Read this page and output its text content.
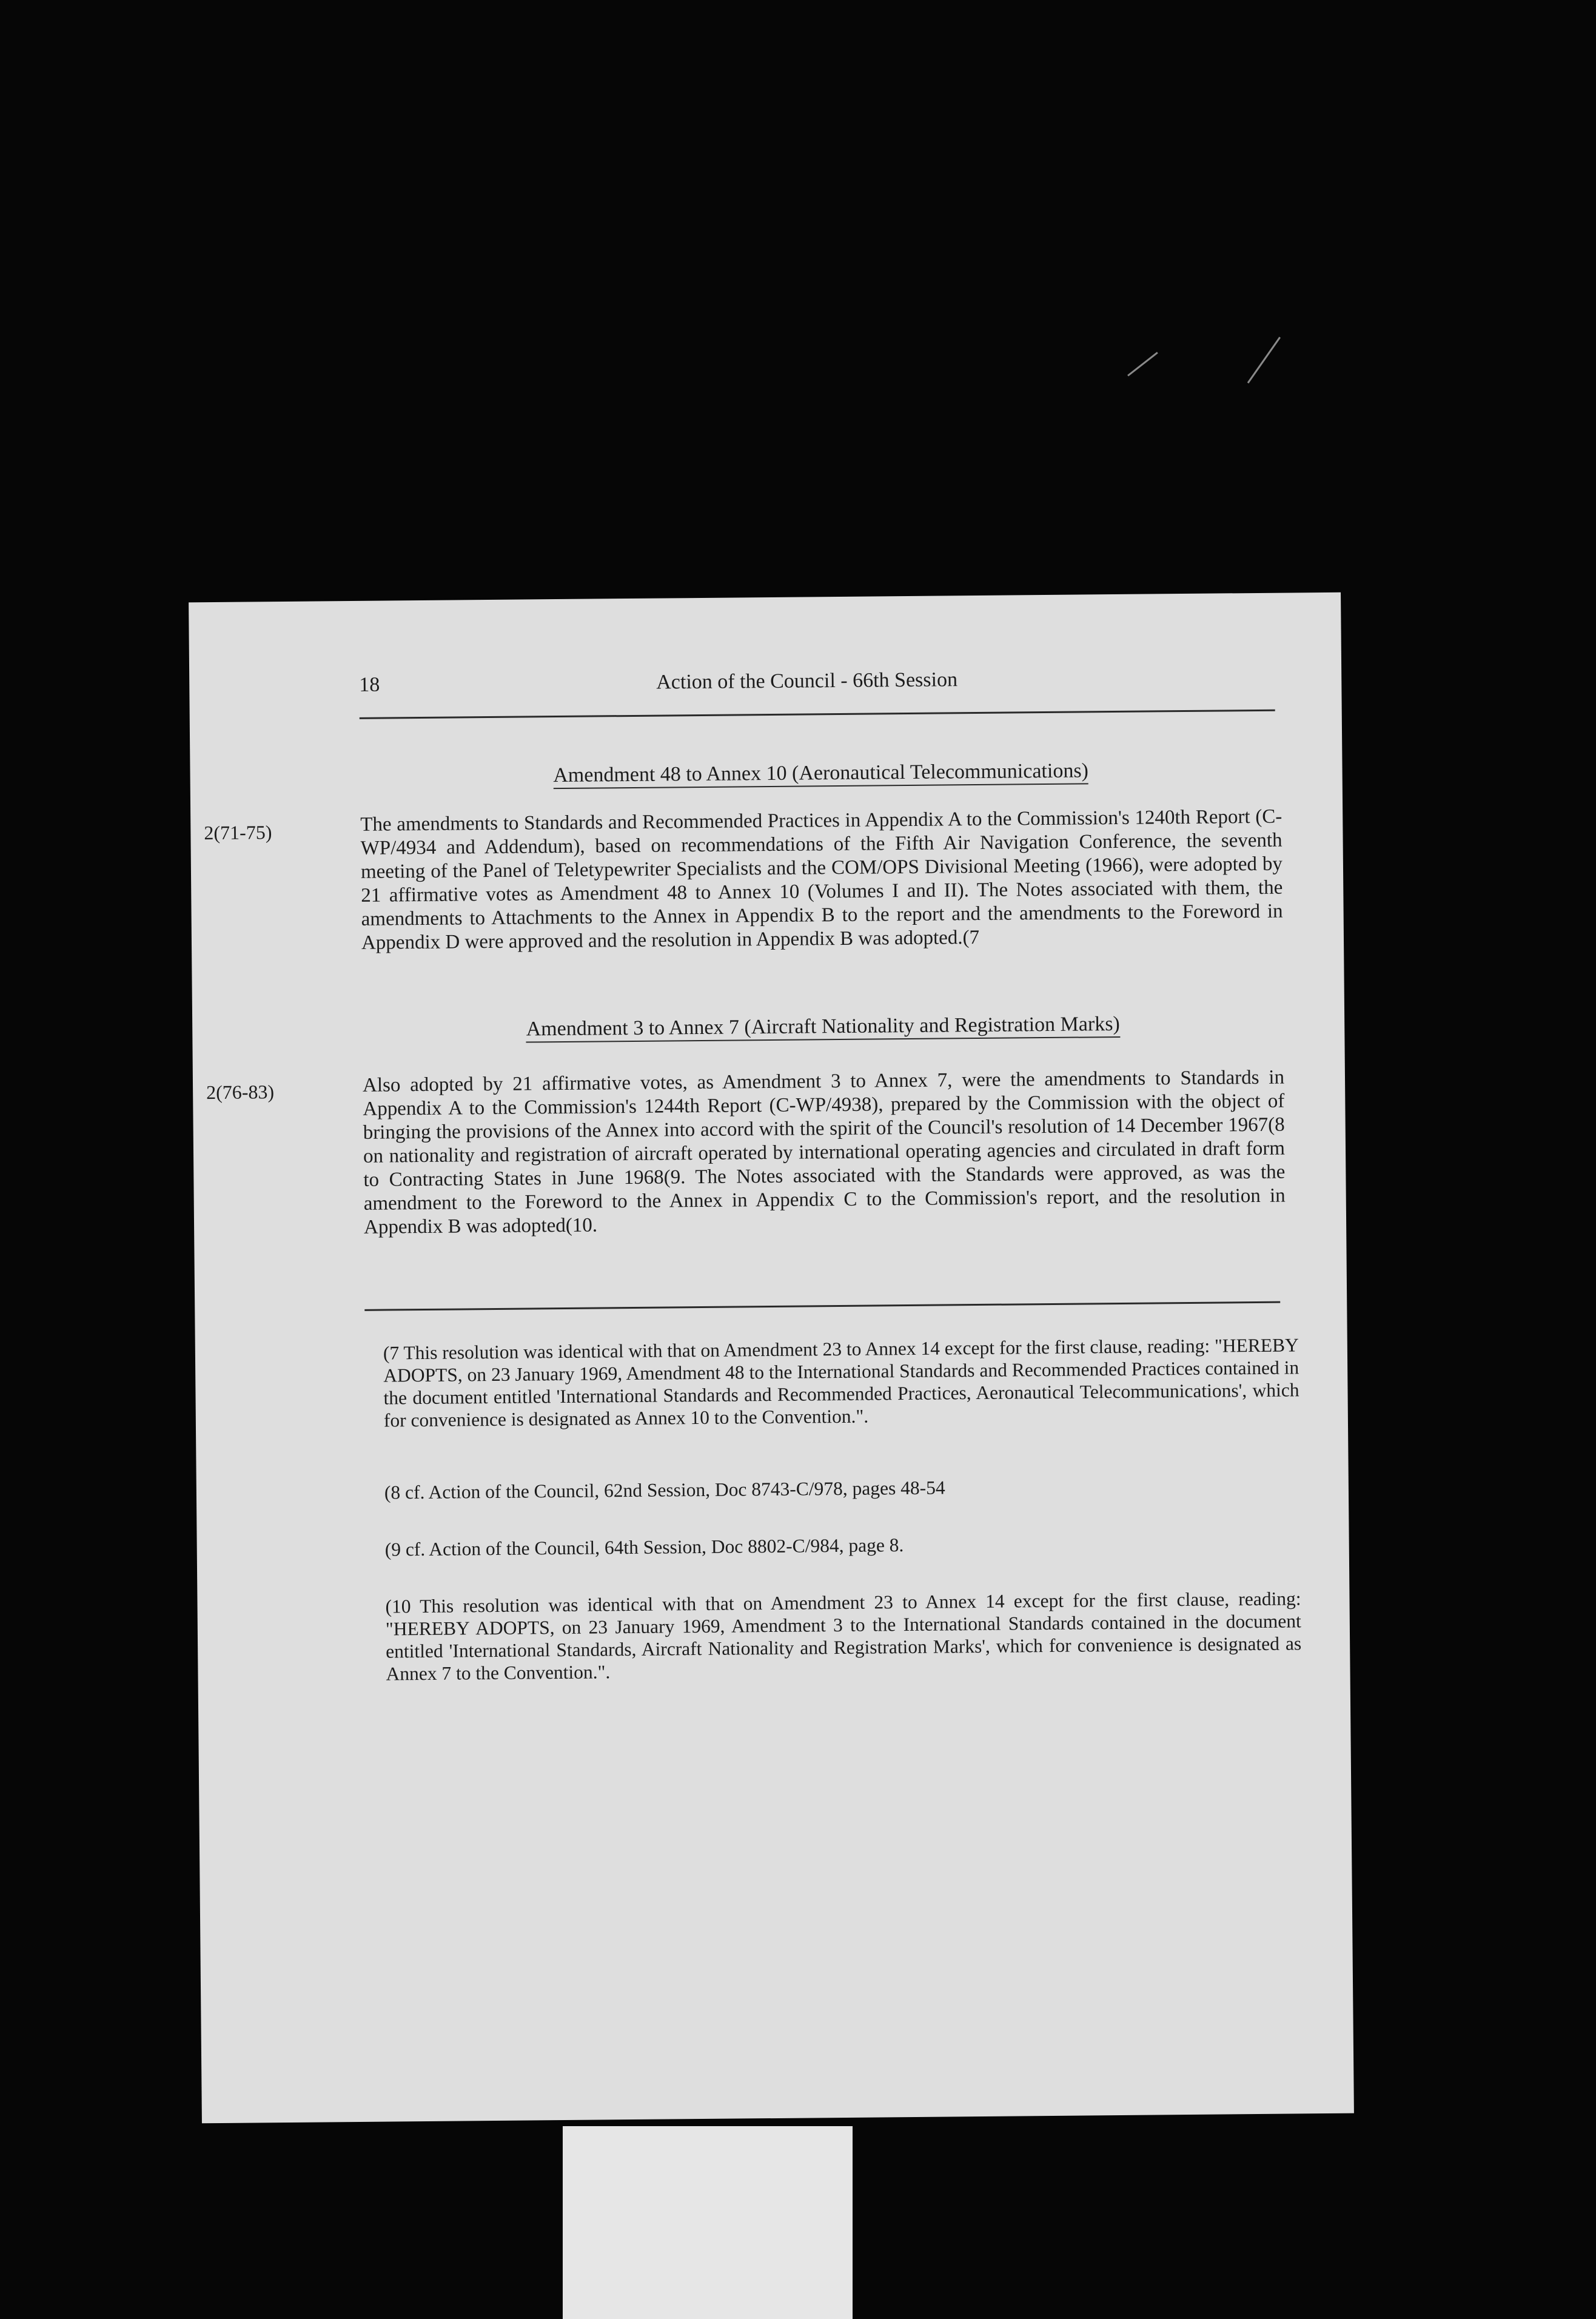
18	Action of the Council - 66th Session
Amendment 48 to Annex 10 (Aeronautical Telecommunications)
2(71-75)	The amendments to Standards and Recommended Practices in Appendix A to the Commission's 1240th Report (C-WP/4934 and Addendum), based on recommendations of the Fifth Air Navigation Conference, the seventh meeting of the Panel of Teletypewriter Specialists and the COM/OPS Divisional Meeting (1966), were adopted by 21 affirmative votes as Amendment 48 to Annex 10 (Volumes I and II). The Notes associated with them, the amendments to Attachments to the Annex in Appendix B to the report and the amendments to the Foreword in Appendix D were approved and the resolution in Appendix B was adopted.(7
Amendment 3 to Annex 7 (Aircraft Nationality and Registration Marks)
2(76-83)	Also adopted by 21 affirmative votes, as Amendment 3 to Annex 7, were the amendments to Standards in Appendix A to the Commission's 1244th Report (C-WP/4938), prepared by the Commission with the object of bringing the provisions of the Annex into accord with the spirit of the Council's resolution of 14 December 1967(8 on nationality and registration of aircraft operated by international operating agencies and circulated in draft form to Contracting States in June 1968(9. The Notes associated with the Standards were approved, as was the amendment to the Foreword to the Annex in Appendix C to the Commission's report, and the resolution in Appendix B was adopted(10.
(7 This resolution was identical with that on Amendment 23 to Annex 14 except for the first clause, reading: "HEREBY ADOPTS, on 23 January 1969, Amendment 48 to the International Standards and Recommended Practices contained in the document entitled 'International Standards and Recommended Practices, Aeronautical Telecommunications', which for convenience is designated as Annex 10 to the Convention.".
(8 cf. Action of the Council, 62nd Session, Doc 8743-C/978, pages 48-54
(9 cf. Action of the Council, 64th Session, Doc 8802-C/984, page 8.
(10 This resolution was identical with that on Amendment 23 to Annex 14 except for the first clause, reading: "HEREBY ADOPTS, on 23 January 1969, Amendment 3 to the International Standards contained in the document entitled 'International Standards, Aircraft Nationality and Registration Marks', which for convenience is designated as Annex 7 to the Convention.".
